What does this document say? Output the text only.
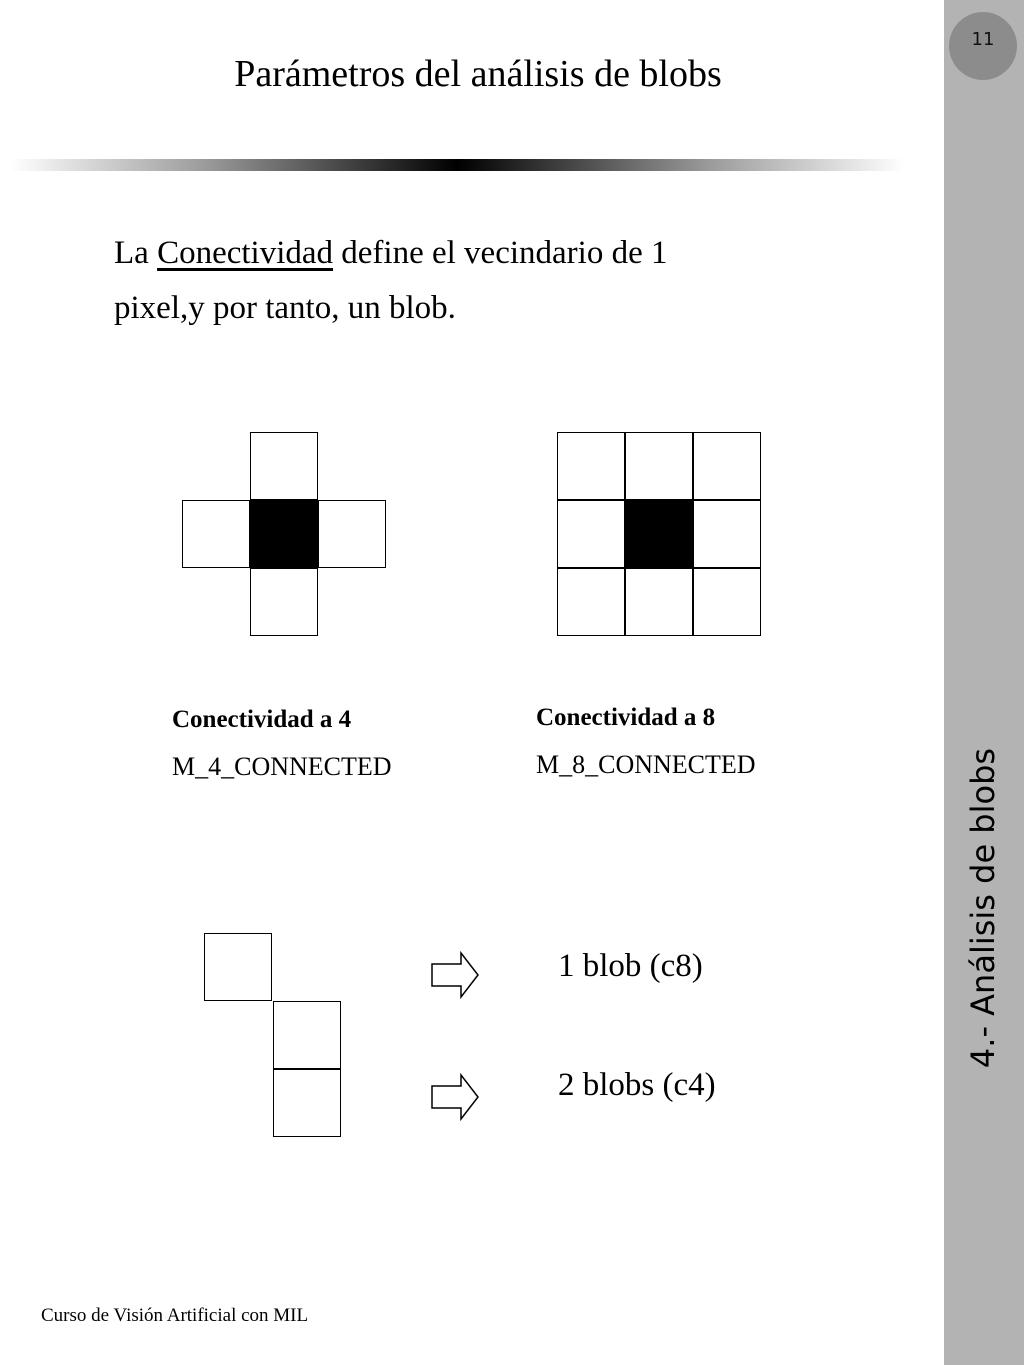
11
4.- Análisis de blobs
Parámetros del análisis de blobs
La Conectividad define el vecindario de 1
pixel,y por tanto, un blob.
Conectividad a 4
M_4_CONNECTED
Conectividad a 8
M_8_CONNECTED
1 blob (c8)
2 blobs (c4)
Curso de Visión Artificial con MIL
